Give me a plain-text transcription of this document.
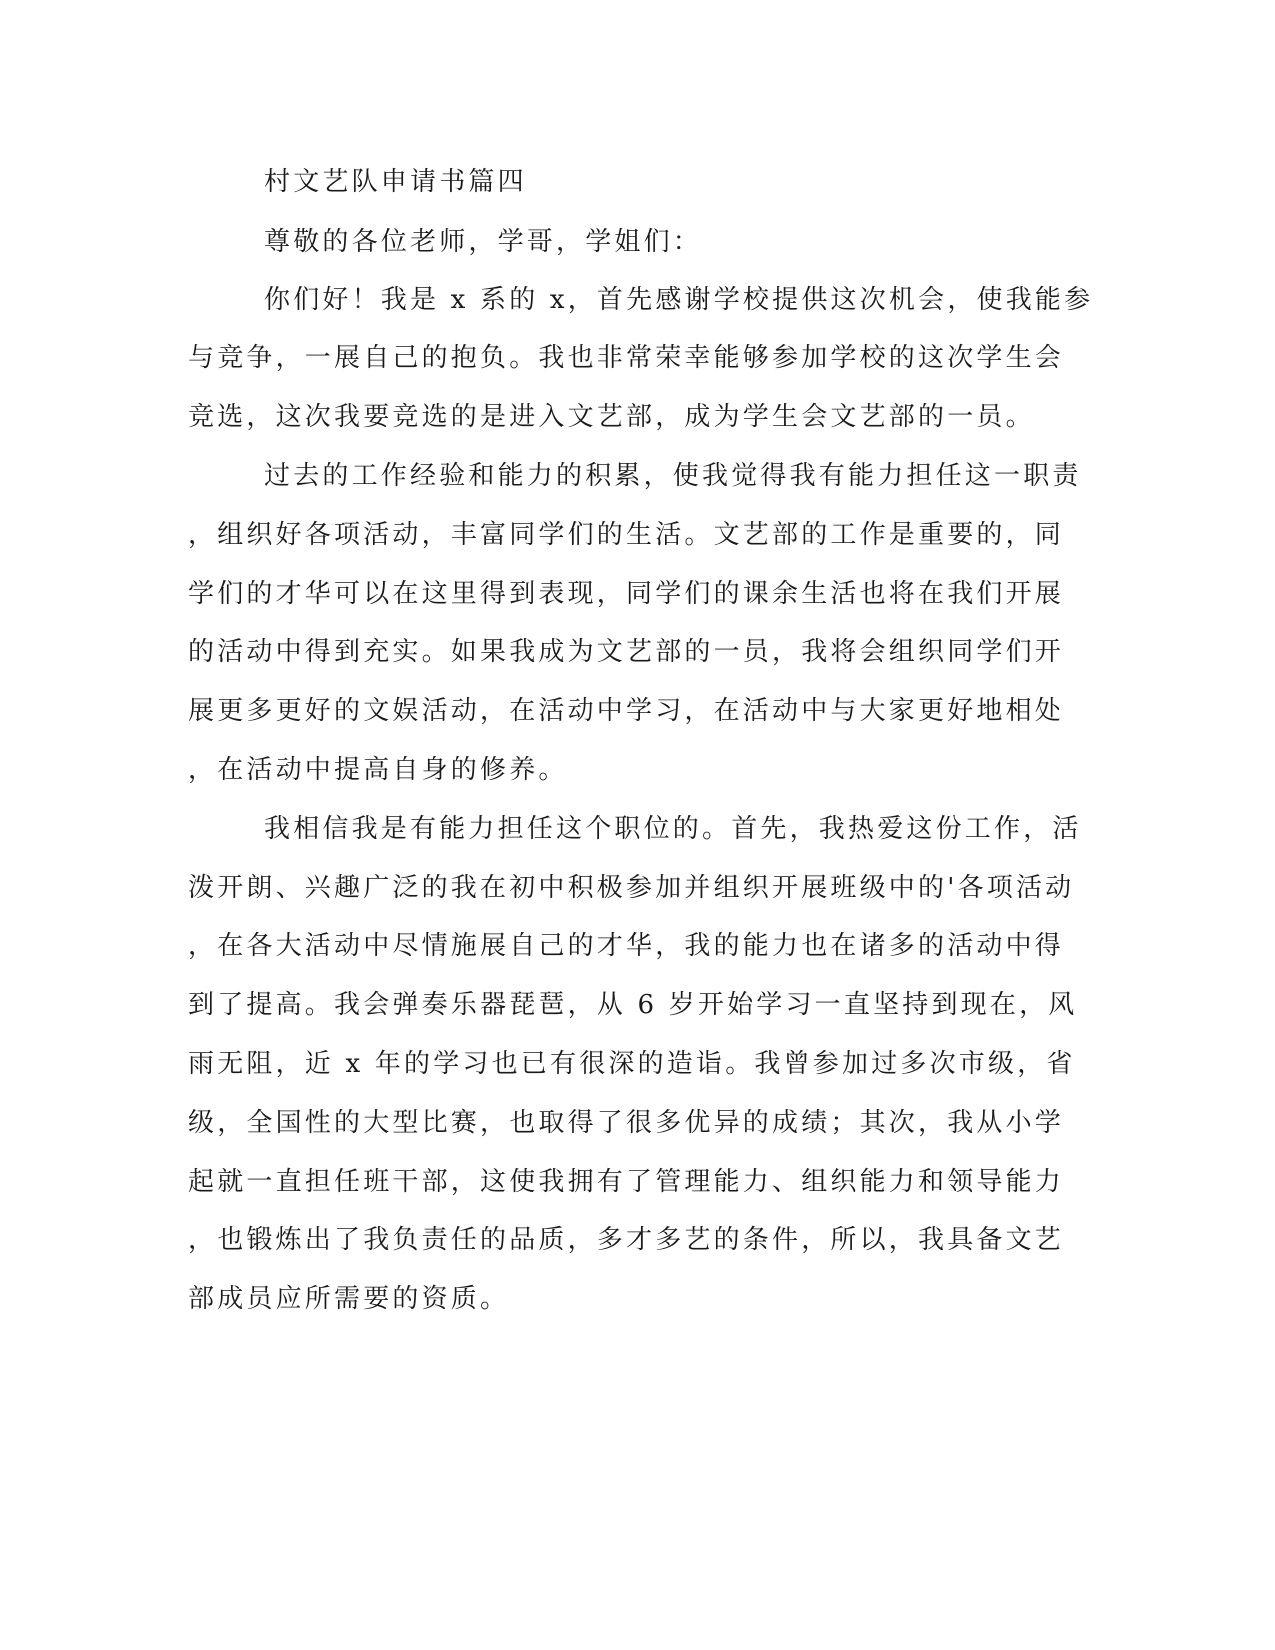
村文艺队申请书篇四
尊敬的各位老师，学哥，学姐们：
你们好！我是 x 系的 x，首先感谢学校提供这次机会，使我能参
与竞争，一展自己的抱负。我也非常荣幸能够参加学校的这次学生会
竞选，这次我要竞选的是进入文艺部，成为学生会文艺部的一员。
过去的工作经验和能力的积累，使我觉得我有能力担任这一职责
，组织好各项活动，丰富同学们的生活。文艺部的工作是重要的，同
学们的才华可以在这里得到表现，同学们的课余生活也将在我们开展
的活动中得到充实。如果我成为文艺部的一员，我将会组织同学们开
展更多更好的文娱活动，在活动中学习，在活动中与大家更好地相处
，在活动中提高自身的修养。
我相信我是有能力担任这个职位的。首先，我热爱这份工作，活
泼开朗、兴趣广泛的我在初中积极参加并组织开展班级中的'各项活动
，在各大活动中尽情施展自己的才华，我的能力也在诸多的活动中得
到了提高。我会弹奏乐器琵琶，从 6 岁开始学习一直坚持到现在，风
雨无阻，近 x 年的学习也已有很深的造诣。我曾参加过多次市级，省
级，全国性的大型比赛，也取得了很多优异的成绩；其次，我从小学
起就一直担任班干部，这使我拥有了管理能力、组织能力和领导能力
，也锻炼出了我负责任的品质，多才多艺的条件，所以，我具备文艺
部成员应所需要的资质。
